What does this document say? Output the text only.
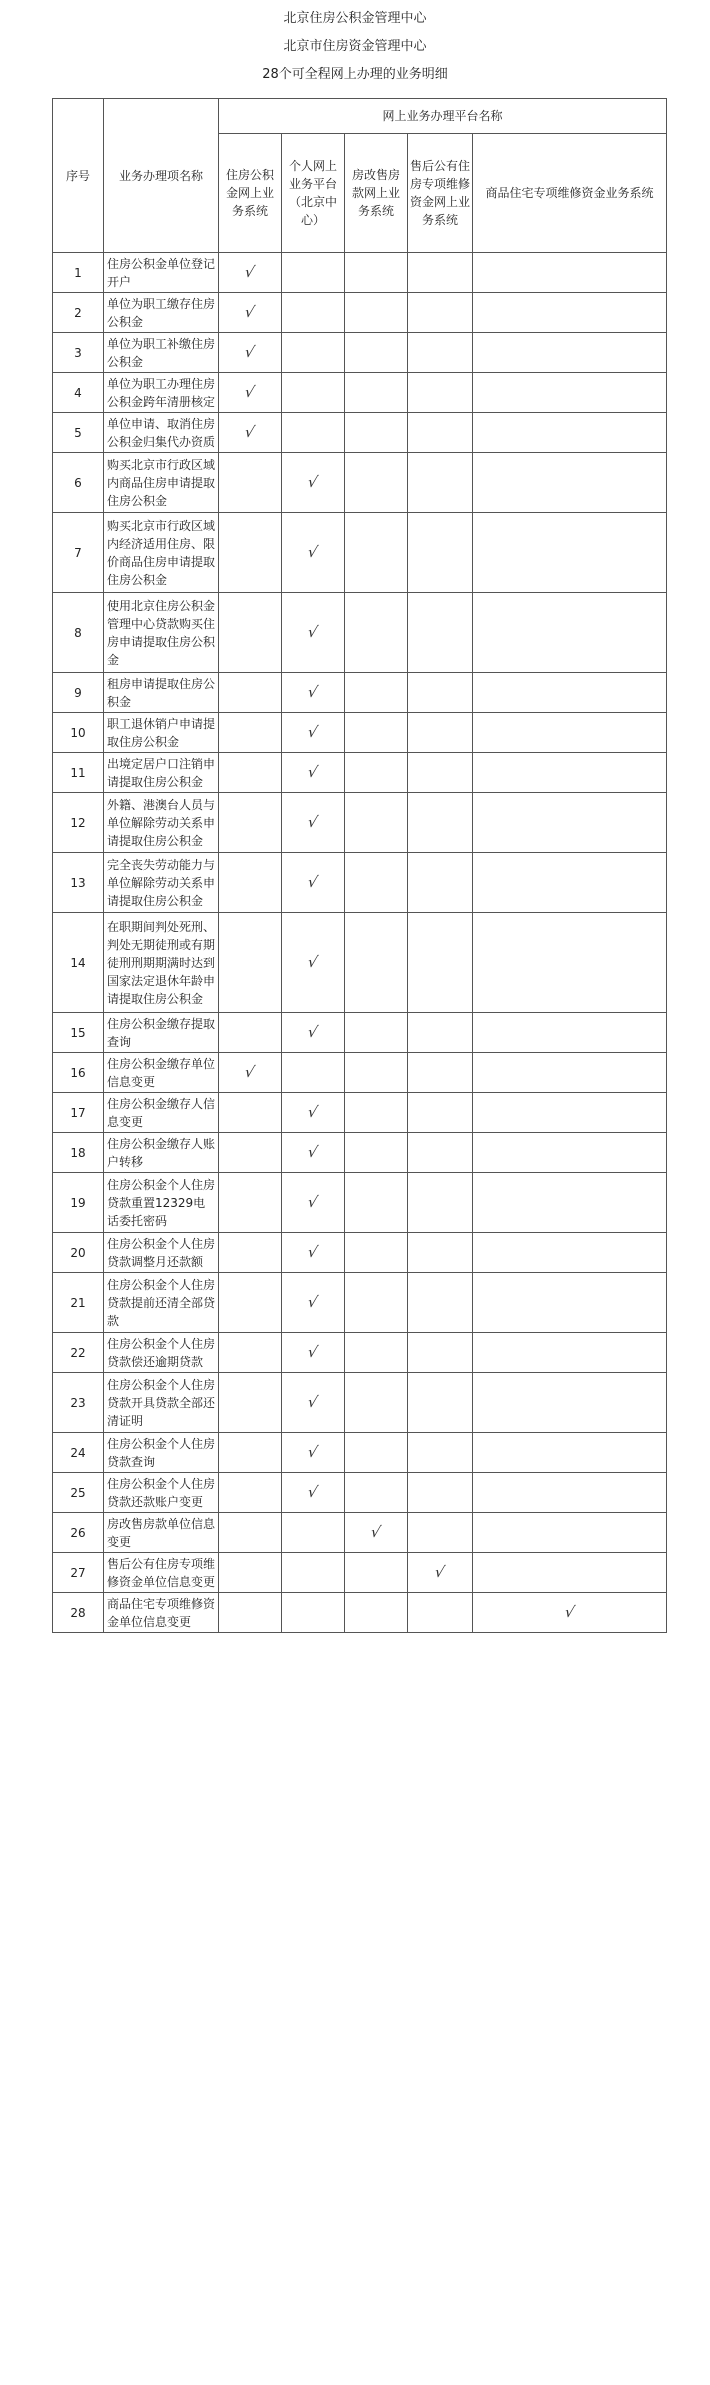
北京住房公积金管理中心

北京市住房资金管理中心

28个可全程网上办理的业务明细

序号	业务办理项名称	网上业务办理平台名称				
		住房公积金网上业务系统	个人网上业务平台（北京中心）	房改售房款网上业务系统	售后公有住房专项维修资金网上业务系统	商品住宅专项维修资金业务系统
1	住房公积金单位登记开户	√				
2	单位为职工缴存住房公积金	√				
3	单位为职工补缴住房公积金	√				
4	单位为职工办理住房公积金跨年清册核定	√				
5	单位申请、取消住房公积金归集代办资质	√				
6	购买北京市行政区域内商品住房申请提取住房公积金		√			
7	购买北京市行政区域内经济适用住房、限价商品住房申请提取住房公积金		√			
8	使用北京住房公积金管理中心贷款购买住房申请提取住房公积金		√			
9	租房申请提取住房公积金		√			
10	职工退休销户申请提取住房公积金		√			
11	出境定居户口注销申请提取住房公积金		√			
12	外籍、港澳台人员与单位解除劳动关系申请提取住房公积金		√			
13	完全丧失劳动能力与单位解除劳动关系申请提取住房公积金		√			
14	在职期间判处死刑、判处无期徒刑或有期徒刑刑期期满时达到国家法定退休年龄申请提取住房公积金		√			
15	住房公积金缴存提取查询		√			
16	住房公积金缴存单位信息变更	√				
17	住房公积金缴存人信息变更		√			
18	住房公积金缴存人账户转移		√			
19	住房公积金个人住房贷款重置12329电话委托密码		√			
20	住房公积金个人住房贷款调整月还款额		√			
21	住房公积金个人住房贷款提前还清全部贷款		√			
22	住房公积金个人住房贷款偿还逾期贷款		√			
23	住房公积金个人住房贷款开具贷款全部还清证明		√			
24	住房公积金个人住房贷款查询		√			
25	住房公积金个人住房贷款还款账户变更		√			
26	房改售房款单位信息变更			√		
27	售后公有住房专项维修资金单位信息变更				√	
28	商品住宅专项维修资金单位信息变更					√
